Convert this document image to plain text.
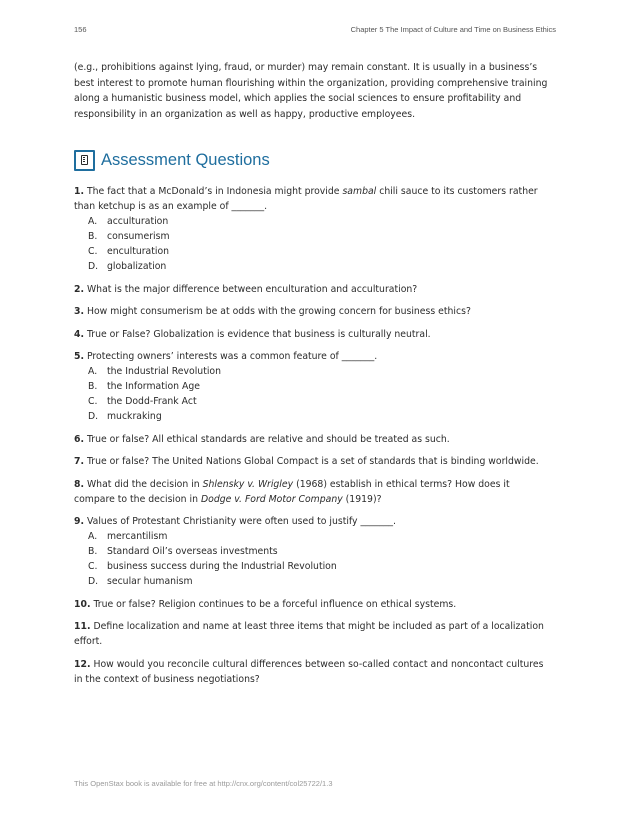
156	Chapter 5 The Impact of Culture and Time on Business Ethics

(e.g., prohibitions against lying, fraud, or murder) may remain constant. It is usually in a business’s best interest to promote human flourishing within the organization, providing comprehensive training along a humanistic business model, which applies the social sciences to ensure profitability and responsibility in an organization as well as happy, productive employees.

Assessment Questions

1. The fact that a McDonald’s in Indonesia might provide sambal chili sauce to its customers rather than ketchup is as an example of _______.

A. acculturation
B. consumerism
C. enculturation
D. globalization

2. What is the major difference between enculturation and acculturation?

3. How might consumerism be at odds with the growing concern for business ethics?

4. True or False? Globalization is evidence that business is culturally neutral.

5. Protecting owners’ interests was a common feature of _______.

A. the Industrial Revolution
B. the Information Age
C. the Dodd-Frank Act
D. muckraking

6. True or false? All ethical standards are relative and should be treated as such.

7. True or false? The United Nations Global Compact is a set of standards that is binding worldwide.

8. What did the decision in Shlensky v. Wrigley (1968) establish in ethical terms? How does it compare to the decision in Dodge v. Ford Motor Company (1919)?

9. Values of Protestant Christianity were often used to justify _______.

A. mercantilism
B. Standard Oil’s overseas investments
C. business success during the Industrial Revolution
D. secular humanism

10. True or false? Religion continues to be a forceful influence on ethical systems.

11. Define localization and name at least three items that might be included as part of a localization effort.

12. How would you reconcile cultural differences between so-called contact and noncontact cultures in the context of business negotiations?

This OpenStax book is available for free at http://cnx.org/content/col25722/1.3
